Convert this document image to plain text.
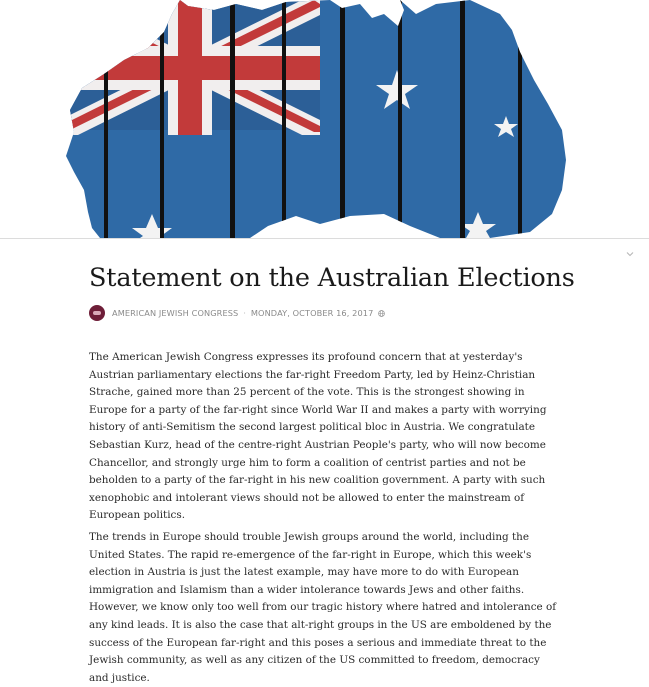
Statement on the Australian Elections
AMERICAN JEWISH CONGRESS · MONDAY, OCTOBER 16, 2017

The American Jewish Congress expresses its profound concern that at yesterday's Austrian parliamentary elections the far-right Freedom Party, led by Heinz-Christian Strache, gained more than 25 percent of the vote. This is the strongest showing in Europe for a party of the far-right since World War II and makes a party with worrying history of anti-Semitism the second largest political bloc in Austria. We congratulate Sebastian Kurz, head of the centre-right Austrian People's party, who will now become Chancellor, and strongly urge him to form a coalition of centrist parties and not be beholden to a party of the far-right in his new coalition government. A party with such xenophobic and intolerant views should not be allowed to enter the mainstream of European politics.

The trends in Europe should trouble Jewish groups around the world, including the United States. The rapid re-emergence of the far-right in Europe, which this week's election in Austria is just the latest example, may have more to do with European immigration and Islamism than a wider intolerance towards Jews and other faiths. However, we know only too well from our tragic history where hatred and intolerance of any kind leads. It is also the case that alt-right groups in the US are emboldened by the success of the European far-right and this poses a serious and immediate threat to the Jewish community, as well as any citizen of the US committed to freedom, democracy and justice.
